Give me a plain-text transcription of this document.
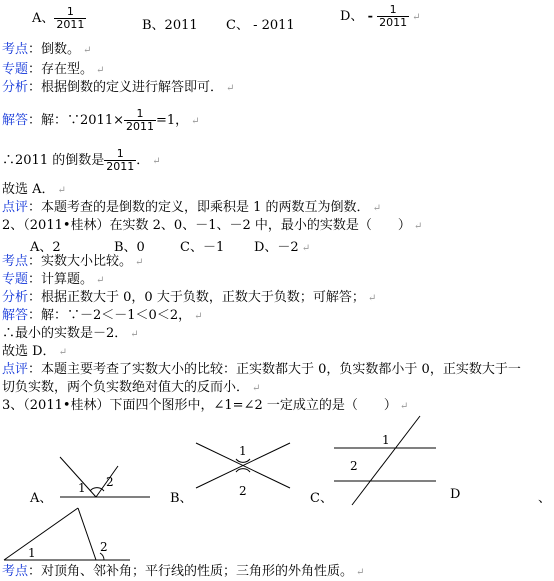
A、 $\frac{1}{2011}$	B、2011 C、 - 2011
D、 - $\frac{1}{2011}$ ↵
考点：倒数。 ↵
专题：存在型。 ↵
分析：根据倒数的定义进行解答即可． ↵
解答：解：∵2011× $\frac{1}{2011} =1$， ↵
∴2011 的倒数是 $\frac{1}{2011}$ ． ↵
故选 A． ↵
点评：本题考查的是倒数的定义，即乘积是 1 的两数互为倒数． ↵
2、（2011•桂林）在实数 2、0、－1、－2 中，最小的实数是（　　） ↵
A、2	B、0	C、－1 D、－2 ↵
考点：实数大小比较。 ↵
专题：计算题。 ↵
分析：根据正数大于 0，0 大于负数，正数大于负数；可解答； ↵
解答：解：∵－2＜－1＜0＜2， ↵
∴最小的实数是－2． ↵
故选 D． ↵
点评：本题主要考查了实数大小的比较：正实数都大于 0，负实数都小于 0，正实数大于一
切负实数，两个负实数绝对值大的反而小． ↵
3、（2011•桂林）下面四个图形中，∠1=∠2 一定成立的是（　　） ↵
A、	B、	C、	D	、
1 2
1
2
1
2
1	2
考点：对顶角、邻补角；平行线的性质；三角形的外角性质。 ↵
